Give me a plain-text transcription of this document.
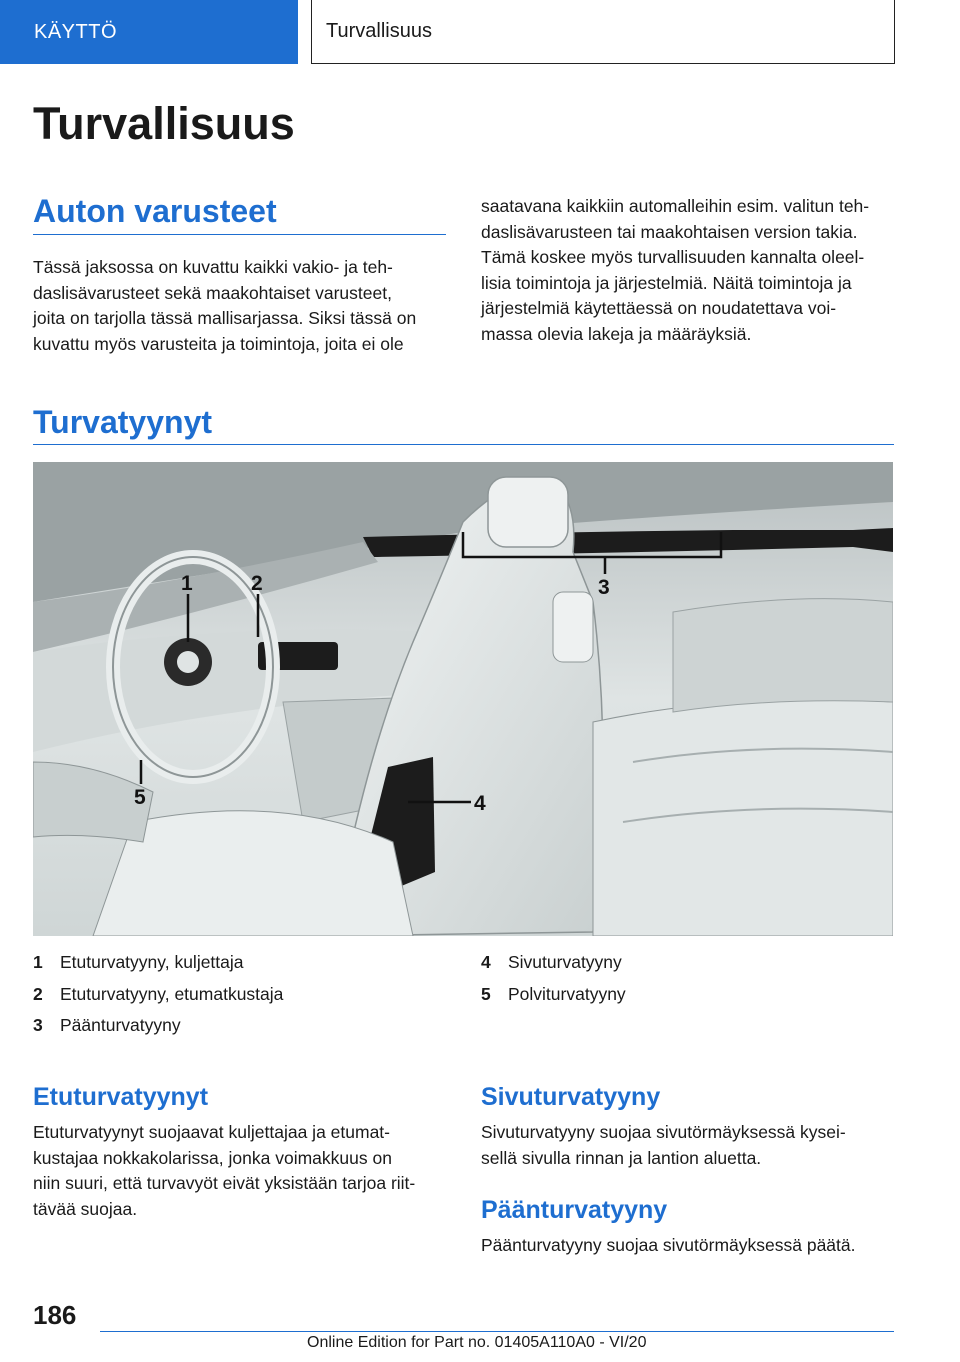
KÄYTTÖ	Turvallisuus
Turvallisuus
Auton varusteet
Tässä jaksossa on kuvattu kaikki vakio- ja teh-
daslisävarusteet sekä maakohtaiset varusteet,
joita on tarjolla tässä mallisarjassa. Siksi tässä on
kuvattu myös varusteita ja toimintoja, joita ei ole
saatavana kaikkiin automalleihin esim. valitun teh-
daslisävarusteen tai maakohtaisen version takia.
Tämä koskee myös turvallisuuden kannalta oleel-
lisia toimintoja ja järjestelmiä. Näitä toimintoja ja
järjestelmiä käytettäessä on noudatettava voi-
massa olevia lakeja ja määräyksiä.
Turvatyynyt
1	2	3
4
5
1 Etuturvatyyny, kuljettaja
2 Etuturvatyyny, etumatkustaja
3 Päänturvatyyny
4 Sivuturvatyyny
5 Polviturvatyyny
Etuturvatyynyt
Etuturvatyynyt suojaavat kuljettajaa ja etumat-
kustajaa nokkakolarissa, jonka voimakkuus on
niin suuri, että turvavyöt eivät yksistään tarjoa riit-
tävää suojaa.
Sivuturvatyyny
Sivuturvatyyny suojaa sivutörmäyksessä kysei-
sellä sivulla rinnan ja lantion aluetta.
Päänturvatyyny
Päänturvatyyny suojaa sivutörmäyksessä päätä.
186
Online Edition for Part no. 01405A110A0 - VI/20
